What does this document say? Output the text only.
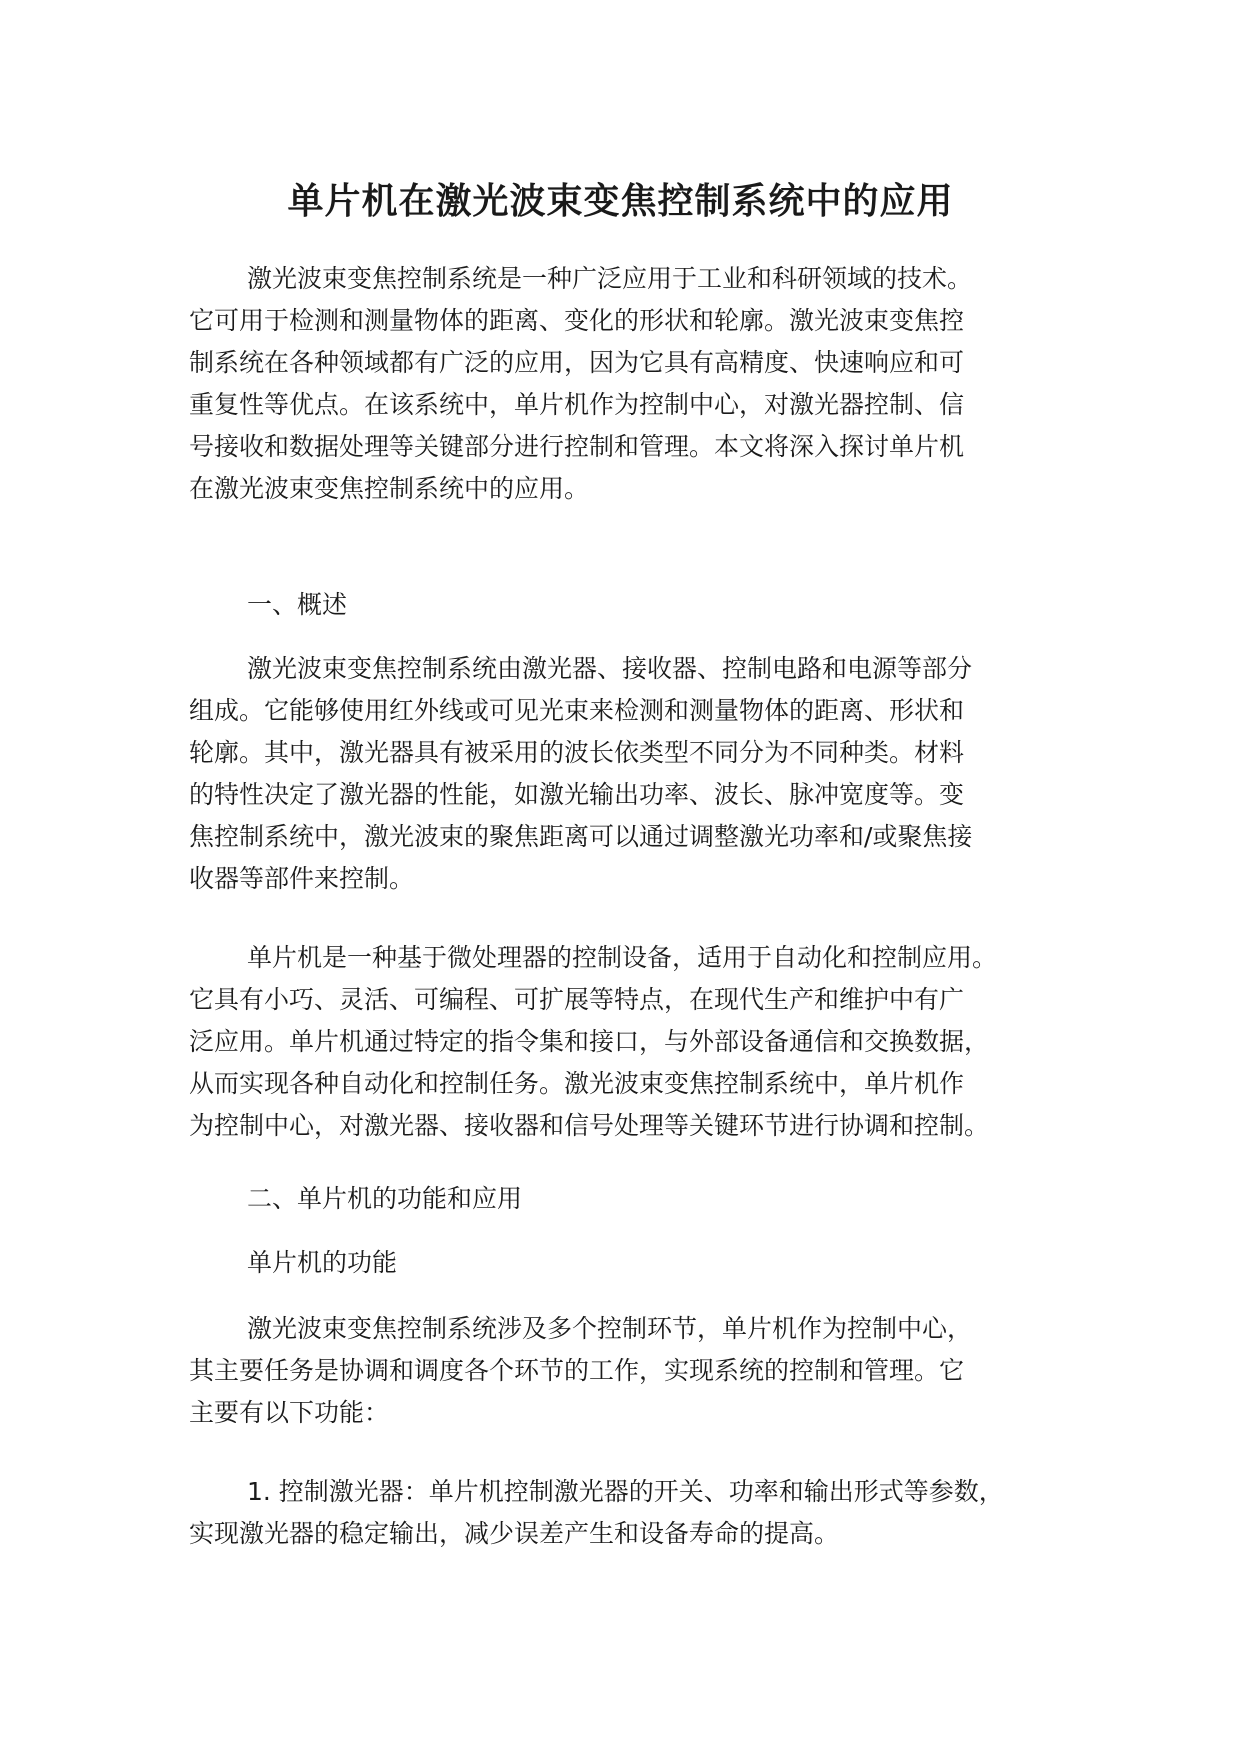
单片机在激光波束变焦控制系统中的应用

激光波束变焦控制系统是一种广泛应用于工业和科研领域的技术。

它可用于检测和测量物体的距离、变化的形状和轮廓。激光波束变焦控

制系统在各种领域都有广泛的应用，因为它具有高精度、快速响应和可

重复性等优点。在该系统中，单片机作为控制中心，对激光器控制、信

号接收和数据处理等关键部分进行控制和管理。本文将深入探讨单片机

在激光波束变焦控制系统中的应用。

一、概述

激光波束变焦控制系统由激光器、接收器、控制电路和电源等部分

组成。它能够使用红外线或可见光束来检测和测量物体的距离、形状和

轮廓。其中，激光器具有被采用的波长依类型不同分为不同种类。材料

的特性决定了激光器的性能，如激光输出功率、波长、脉冲宽度等。变

焦控制系统中，激光波束的聚焦距离可以通过调整激光功率和/或聚焦接

收器等部件来控制。

单片机是一种基于微处理器的控制设备，适用于自动化和控制应用。

它具有小巧、灵活、可编程、可扩展等特点，在现代生产和维护中有广

泛应用。单片机通过特定的指令集和接口，与外部设备通信和交换数据，

从而实现各种自动化和控制任务。激光波束变焦控制系统中，单片机作

为控制中心，对激光器、接收器和信号处理等关键环节进行协调和控制。

二、单片机的功能和应用

单片机的功能

激光波束变焦控制系统涉及多个控制环节，单片机作为控制中心，

其主要任务是协调和调度各个环节的工作，实现系统的控制和管理。它

主要有以下功能：

1. 控制激光器：单片机控制激光器的开关、功率和输出形式等参数，

实现激光器的稳定输出，减少误差产生和设备寿命的提高。
